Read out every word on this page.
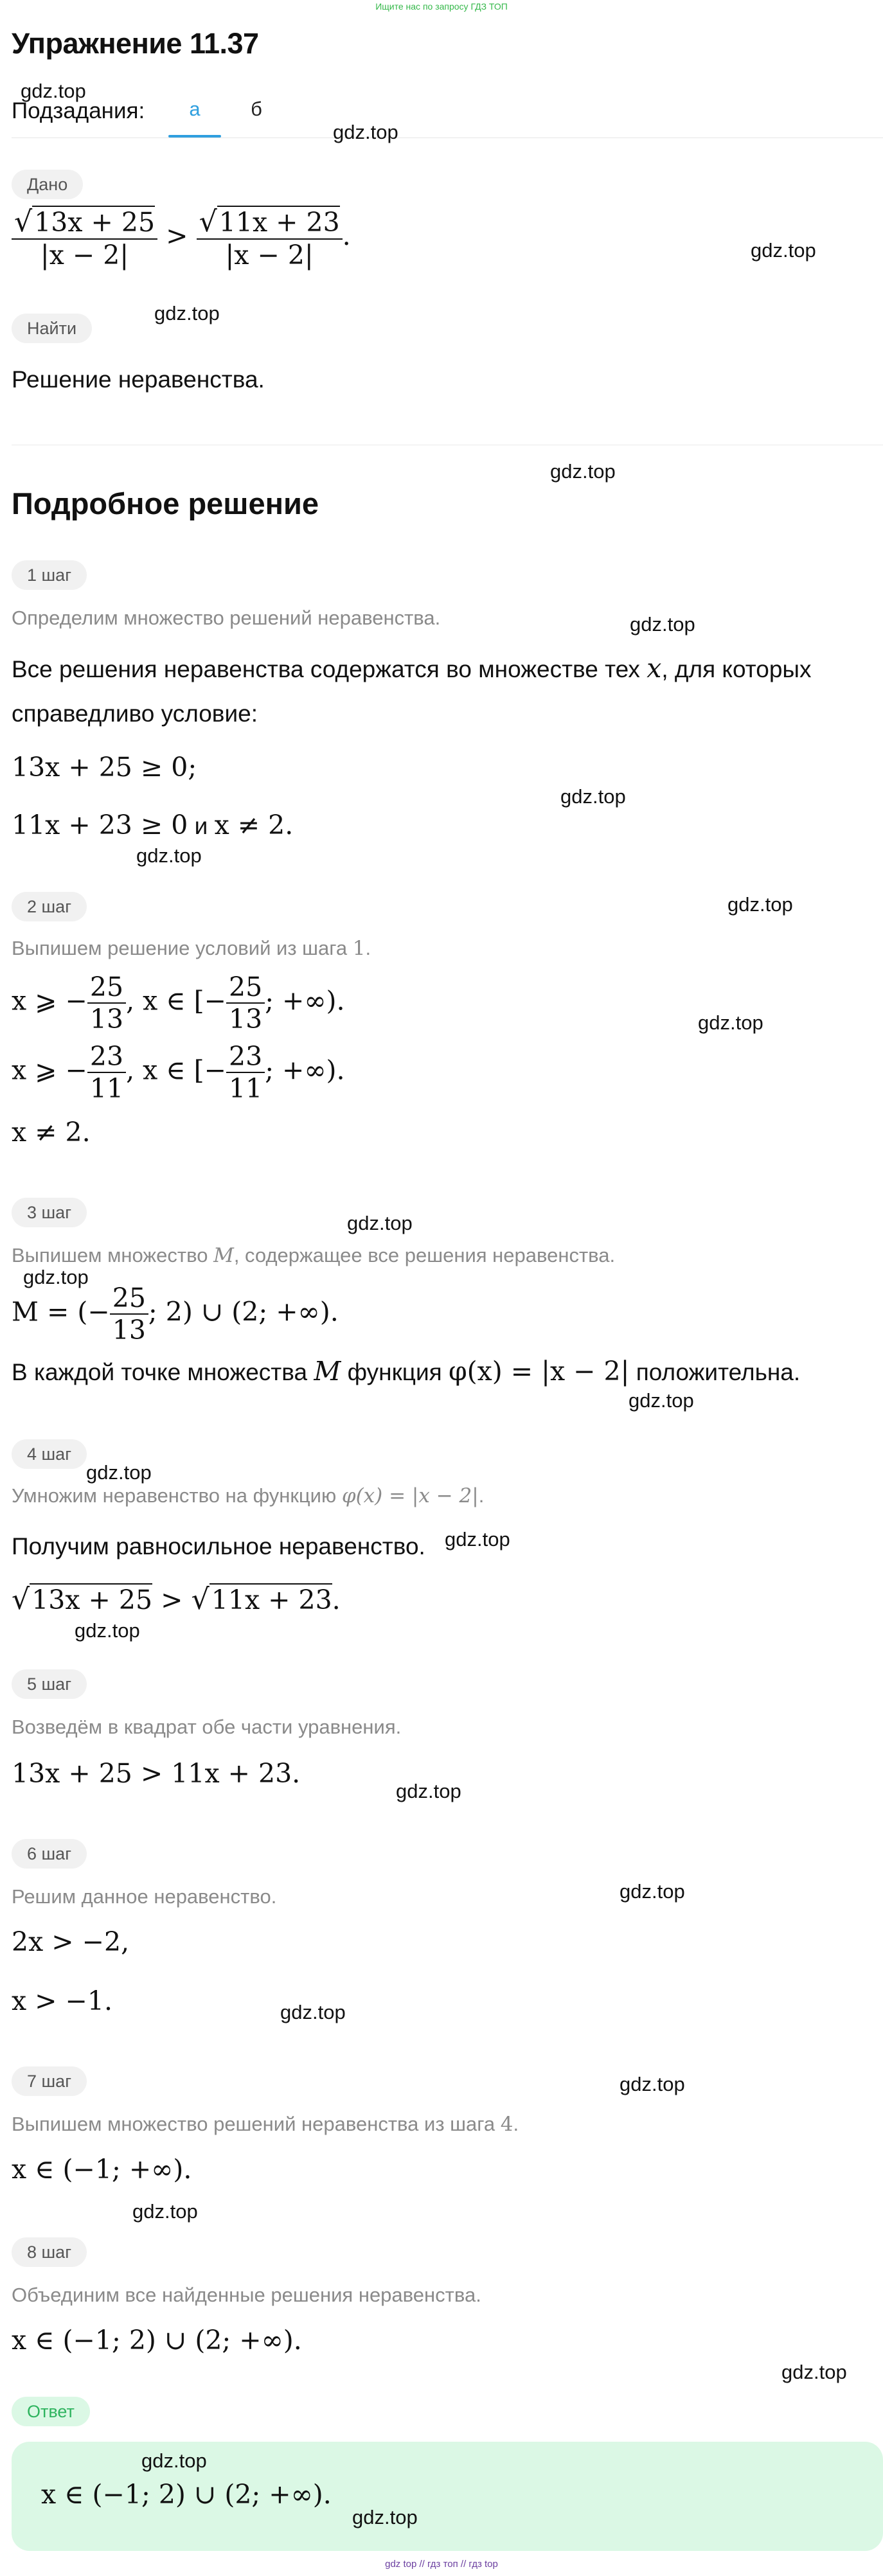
Ищите нас по запросу ГДЗ ТОП
Упражнение 11.37
gdz.top
Подзадания:	а	б
gdz.top
Дано
$\frac{√13x + 25}{|x - 2|} > \frac{√11x + 23}{|x - 2|}$ .	gdz.top
gdz.top
Найти
Решение неравенства.
gdz.top
Подробное решение
1 шаг
Определим множество решений неравенства.	gdz.top
Все решения неравенства содержатся во множестве тех x, для которых
справедливо условие:
13x + 25 ≥ 0;
gdz.top
11x + 23 ≥ 0 и x ≠ 2.
gdz.top
2 шаг	gdz.top
Выпишем решение условий из шага 1.
x ⩾ − $\frac{25}{13}$ , x ∈ [− $\frac{25}{13}$ ; +∞).
gdz.top
x ⩾ − $\frac{23}{11}$ , x ∈ [− $\frac{23}{11}$ ; +∞).
x ≠ 2.
3 шаг	gdz.top
Выпишем множество M, содержащее все решения неравенства.
gdz.top
M = (− $\frac{25}{13}$ ; 2) ∪ (2; +∞).
В каждой точке множества M функция φ(x) = |x − 2| положительна.
gdz.top
4 шаг
gdz.top
Умножим неравенство на функцию φ(x) = |x − 2|.
Получим равносильное неравенство. gdz.top
√13x + 25 > √11x + 23.
gdz.top
5 шаг
Возведём в квадрат обе части уравнения.
13x + 25 > 11x + 23.
gdz.top
6 шаг
gdz.top
Решим данное неравенство.
2x > −2,
x > −1.	gdz.top
7 шаг	gdz.top
Выпишем множество решений неравенства из шага 4.
x ∈ (−1; +∞).
gdz.top
8 шаг
Объединим все найденные решения неравенства.
x ∈ (−1; 2) ∪ (2; +∞).
gdz.top
Ответ
gdz.top
x ∈ (−1; 2) ∪ (2; +∞).
gdz.top
gdz top // гдз топ // гдз top
